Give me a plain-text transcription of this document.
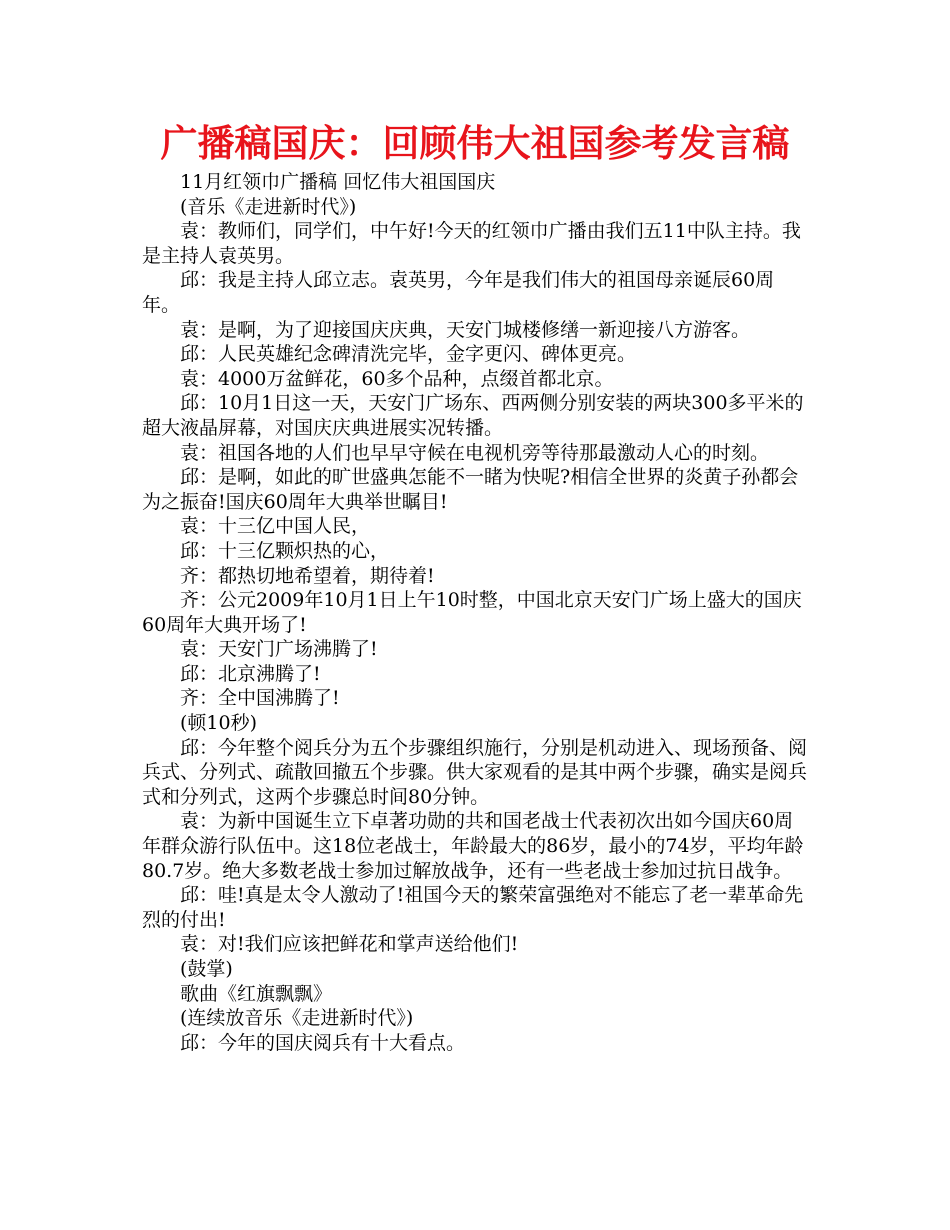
广播稿国庆：回顾伟大祖国参考发言稿

11月红领巾广播稿 回忆伟大祖国国庆

(音乐《走进新时代》)

袁：教师们，同学们，中午好!今天的红领巾广播由我们五11中队主持。我是主持人袁英男。

邱：我是主持人邱立志。袁英男，今年是我们伟大的祖国母亲诞辰60周年。

袁：是啊，为了迎接国庆庆典，天安门城楼修缮一新迎接八方游客。

邱：人民英雄纪念碑清洗完毕，金字更闪、碑体更亮。

袁：4000万盆鲜花，60多个品种，点缀首都北京。

邱：10月1日这一天，天安门广场东、西两侧分别安装的两块300多平米的超大液晶屏幕，对国庆庆典进展实况转播。

袁：祖国各地的人们也早早守候在电视机旁等待那最激动人心的时刻。

邱：是啊，如此的旷世盛典怎能不一睹为快呢?相信全世界的炎黄子孙都会为之振奋!国庆60周年大典举世瞩目!

袁：十三亿中国人民，

邱：十三亿颗炽热的心，

齐：都热切地希望着，期待着!

齐：公元2009年10月1日上午10时整，中国北京天安门广场上盛大的国庆60周年大典开场了!

袁：天安门广场沸腾了!

邱：北京沸腾了!

齐：全中国沸腾了!

(顿10秒)

邱：今年整个阅兵分为五个步骤组织施行，分别是机动进入、现场预备、阅兵式、分列式、疏散回撤五个步骤。供大家观看的是其中两个步骤，确实是阅兵式和分列式，这两个步骤总时间80分钟。

袁：为新中国诞生立下卓著功勋的共和国老战士代表初次出如今国庆60周年群众游行队伍中。这18位老战士，年龄最大的86岁，最小的74岁，平均年龄80.7岁。绝大多数老战士参加过解放战争，还有一些老战士参加过抗日战争。

邱：哇!真是太令人激动了!祖国今天的繁荣富强绝对不能忘了老一辈革命先烈的付出!

袁：对!我们应该把鲜花和掌声送给他们!

(鼓掌)

歌曲《红旗飘飘》

(连续放音乐《走进新时代》)

邱：今年的国庆阅兵有十大看点。
